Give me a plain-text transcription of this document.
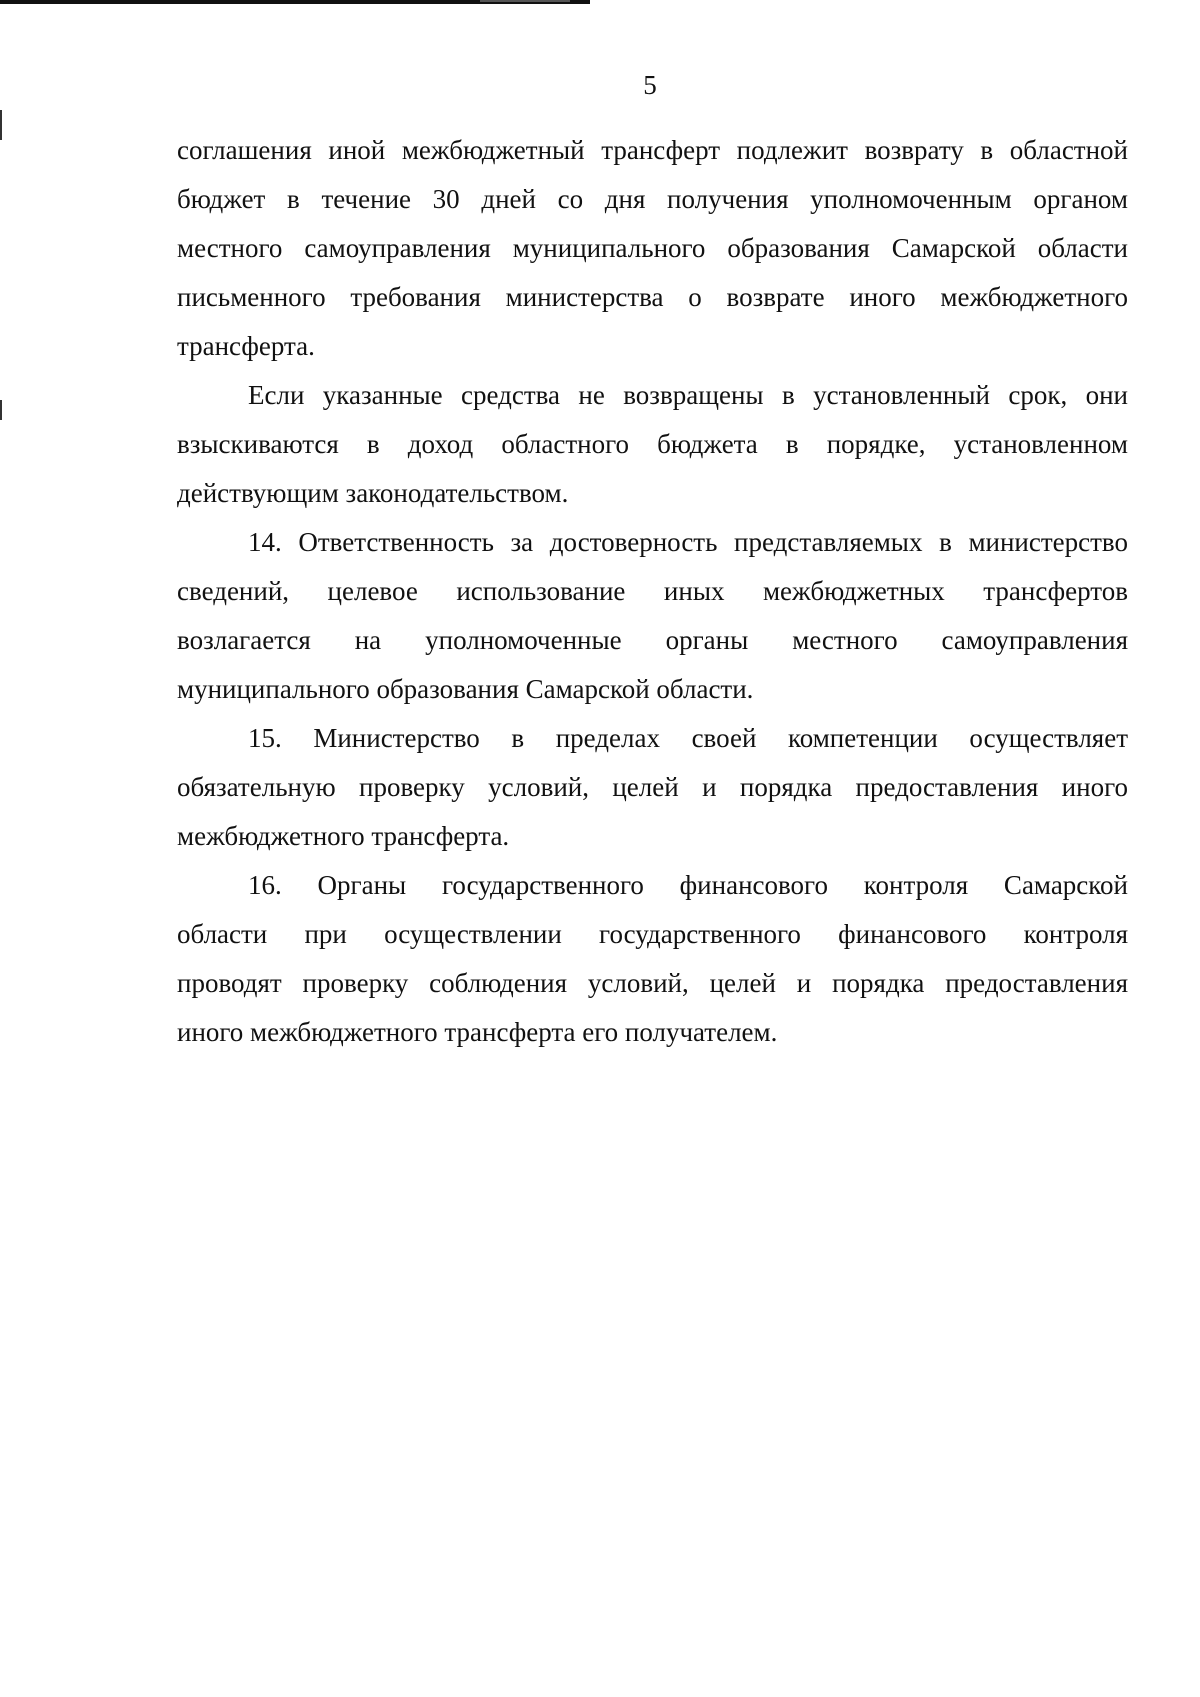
5
соглашения иной межбюджетный трансферт подлежит возврату в областной
бюджет в течение 30 дней со дня получения уполномоченным органом
местного самоуправления муниципального образования Самарской области
письменного требования министерства о возврате иного межбюджетного
трансферта.
Если указанные средства не возвращены в установленный срок, они
взыскиваются в доход областного бюджета в порядке, установленном
действующим законодательством.
14. Ответственность за достоверность представляемых в министерство
сведений, целевое использование иных межбюджетных трансфертов
возлагается на уполномоченные органы местного самоуправления
муниципального образования Самарской области.
15. Министерство в пределах своей компетенции осуществляет
обязательную проверку условий, целей и порядка предоставления иного
межбюджетного трансферта.
16. Органы государственного финансового контроля Самарской
области при осуществлении государственного финансового контроля
проводят проверку соблюдения условий, целей и порядка предоставления
иного межбюджетного трансферта его получателем.
